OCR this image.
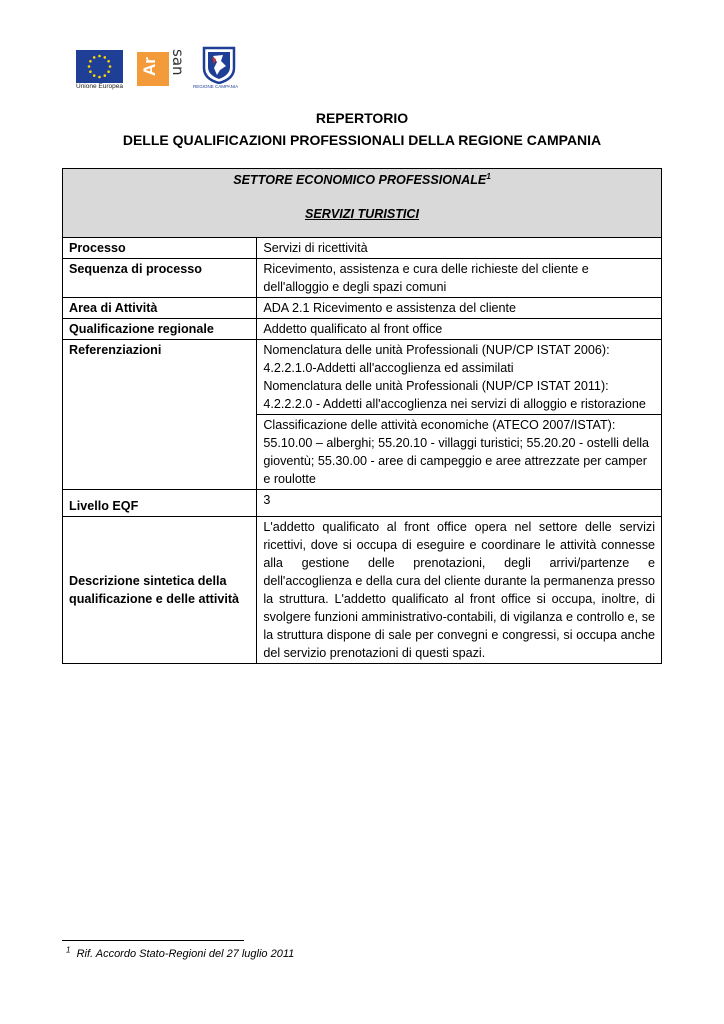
Unione Europea
Ar san
REGIONE CAMPANIA
REPERTORIO
DELLE QUALIFICAZIONI PROFESSIONALI DELLA REGIONE CAMPANIA
SETTORE ECONOMICO PROFESSIONALE$^1$
SERVIZI TURISTICI	

Processo	Servizi di ricettività
Sequenza di processo	Ricevimento, assistenza e cura delle richieste del cliente e dell'alloggio e degli spazi comuni
Area di Attività	ADA 2.1 Ricevimento e assistenza del cliente
Qualificazione regionale	Addetto qualificato al front office
Referenziazioni	Nomenclatura delle unità Professionali (NUP/CP ISTAT 2006):
4.2.2.1.0-Addetti all'accoglienza ed assimilati
Nomenclatura delle unità Professionali (NUP/CP ISTAT 2011):
4.2.2.2.0 - Addetti all'accoglienza nei servizi di alloggio e ristorazione

	Classificazione delle attività economiche (ATECO 2007/ISTAT): 55.10.00 – alberghi; 55.20.10 - villaggi turistici; 55.20.20 - ostelli della gioventù; 55.30.00 - aree di campeggio e aree attrezzate per camper e roulotte
Livello EQF	3
Descrizione sintetica della qualificazione e delle attività	L'addetto qualificato al front office opera nel settore delle servizi ricettivi, dove si occupa di eseguire e coordinare le attività connesse alla gestione delle prenotazioni, degli arrivi/partenze e dell'accoglienza e della cura del cliente durante la permanenza presso la struttura. L'addetto qualificato al front office si occupa, inoltre, di svolgere funzioni amministrativo-contabili, di vigilanza e controllo e, se la struttura dispone di sale per convegni e congressi, si occupa anche del servizio prenotazioni di questi spazi.
$^1$ Rif. Accordo Stato-Regioni del 27 luglio 2011
